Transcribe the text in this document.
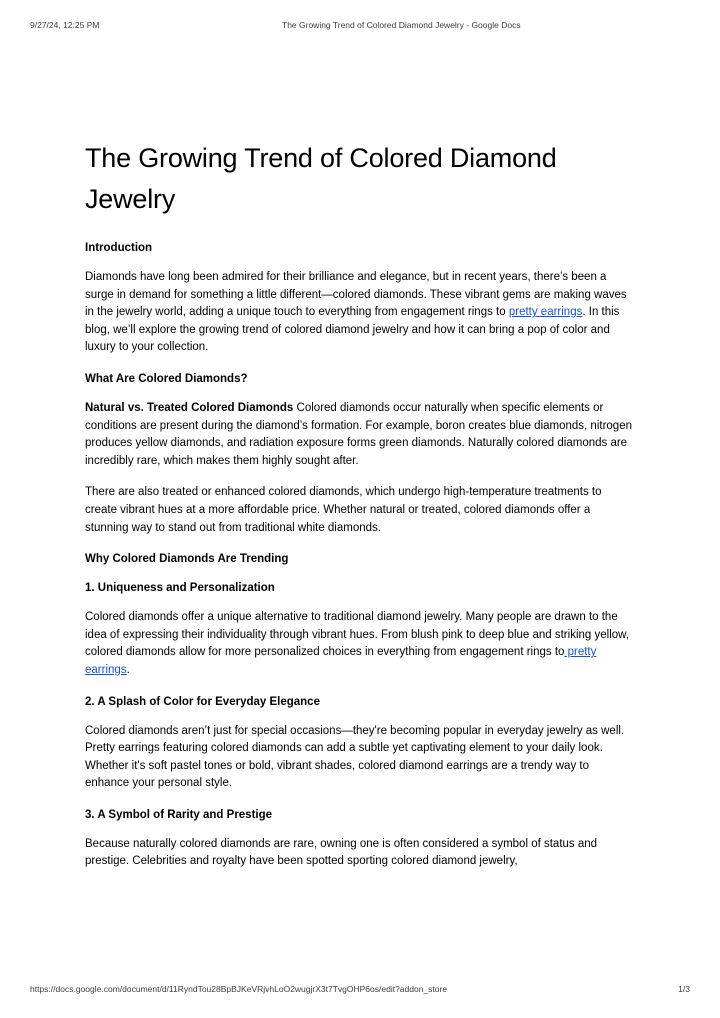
9/27/24, 12:25 PM	The Growing Trend of Colored Diamond Jewelry - Google Docs
The Growing Trend of Colored Diamond Jewelry
Introduction

Diamonds have long been admired for their brilliance and elegance, but in recent years, there’s been a surge in demand for something a little different—colored diamonds. These vibrant gems are making waves in the jewelry world, adding a unique touch to everything from engagement rings to pretty earrings. In this blog, we’ll explore the growing trend of colored diamond jewelry and how it can bring a pop of color and luxury to your collection.

What Are Colored Diamonds?

Natural vs. Treated Colored Diamonds Colored diamonds occur naturally when specific elements or conditions are present during the diamond’s formation. For example, boron creates blue diamonds, nitrogen produces yellow diamonds, and radiation exposure forms green diamonds. Naturally colored diamonds are incredibly rare, which makes them highly sought after.

There are also treated or enhanced colored diamonds, which undergo high-temperature treatments to create vibrant hues at a more affordable price. Whether natural or treated, colored diamonds offer a stunning way to stand out from traditional white diamonds.

Why Colored Diamonds Are Trending
1. Uniqueness and Personalization

Colored diamonds offer a unique alternative to traditional diamond jewelry. Many people are drawn to the idea of expressing their individuality through vibrant hues. From blush pink to deep blue and striking yellow, colored diamonds allow for more personalized choices in everything from engagement rings to pretty earrings.

2. A Splash of Color for Everyday Elegance

Colored diamonds aren’t just for special occasions—they're becoming popular in everyday jewelry as well. Pretty earrings featuring colored diamonds can add a subtle yet captivating element to your daily look. Whether it's soft pastel tones or bold, vibrant shades, colored diamond earrings are a trendy way to enhance your personal style.

3. A Symbol of Rarity and Prestige

Because naturally colored diamonds are rare, owning one is often considered a symbol of status and prestige. Celebrities and royalty have been spotted sporting colored diamond jewelry,

https://docs.google.com/document/d/11RyndTou28BpBJKeVRjvhLoO2wugjrX3t7TvgOHP6os/edit?addon_store	1/3
